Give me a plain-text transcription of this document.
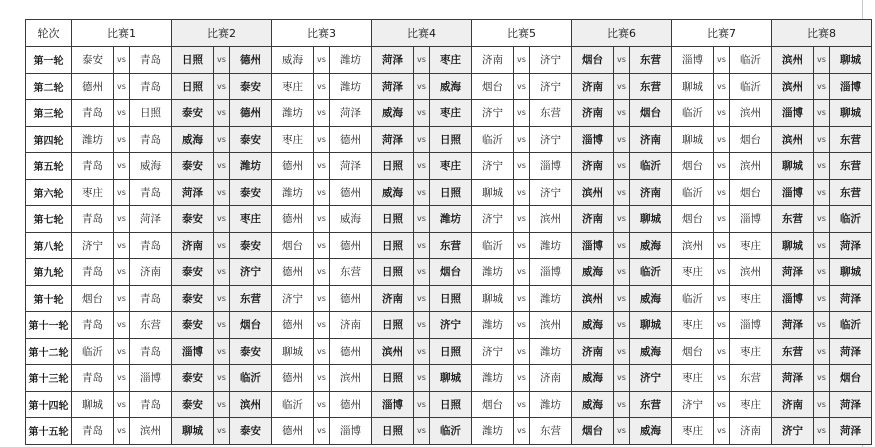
轮次	比赛1			比赛2			比赛3			比赛4			比赛5			比赛6			比赛7			比赛8		
第一轮	泰安	vs	青岛	日照	vs	德州	威海	vs	潍坊	菏泽	vs	枣庄	济南	vs	济宁	烟台	vs	东营	淄博	vs	临沂	滨州	vs	聊城
第二轮	德州	vs	青岛	日照	vs	泰安	枣庄	vs	潍坊	菏泽	vs	威海	烟台	vs	济宁	济南	vs	东营	聊城	vs	临沂	滨州	vs	淄博
第三轮	青岛	vs	日照	泰安	vs	德州	潍坊	vs	菏泽	威海	vs	枣庄	济宁	vs	东营	济南	vs	烟台	临沂	vs	滨州	淄博	vs	聊城
第四轮	潍坊	vs	青岛	威海	vs	泰安	枣庄	vs	德州	菏泽	vs	日照	临沂	vs	济宁	淄博	vs	济南	聊城	vs	烟台	滨州	vs	东营
第五轮	青岛	vs	威海	泰安	vs	潍坊	德州	vs	菏泽	日照	vs	枣庄	济宁	vs	淄博	济南	vs	临沂	烟台	vs	滨州	聊城	vs	东营
第六轮	枣庄	vs	青岛	菏泽	vs	泰安	潍坊	vs	德州	威海	vs	日照	聊城	vs	济宁	滨州	vs	济南	临沂	vs	烟台	淄博	vs	东营
第七轮	青岛	vs	菏泽	泰安	vs	枣庄	德州	vs	威海	日照	vs	潍坊	济宁	vs	滨州	济南	vs	聊城	烟台	vs	淄博	东营	vs	临沂
第八轮	济宁	vs	青岛	济南	vs	泰安	烟台	vs	德州	日照	vs	东营	临沂	vs	潍坊	淄博	vs	威海	滨州	vs	枣庄	聊城	vs	菏泽
第九轮	青岛	vs	济南	泰安	vs	济宁	德州	vs	东营	日照	vs	烟台	潍坊	vs	淄博	威海	vs	临沂	枣庄	vs	滨州	菏泽	vs	聊城
第十轮	烟台	vs	青岛	泰安	vs	东营	济宁	vs	德州	济南	vs	日照	聊城	vs	潍坊	滨州	vs	威海	临沂	vs	枣庄	淄博	vs	菏泽
第十一轮	青岛	vs	东营	泰安	vs	烟台	德州	vs	济南	日照	vs	济宁	潍坊	vs	滨州	威海	vs	聊城	枣庄	vs	淄博	菏泽	vs	临沂
第十二轮	临沂	vs	青岛	淄博	vs	泰安	聊城	vs	德州	滨州	vs	日照	济宁	vs	潍坊	济南	vs	威海	烟台	vs	枣庄	东营	vs	菏泽
第十三轮	青岛	vs	淄博	泰安	vs	临沂	德州	vs	滨州	日照	vs	聊城	潍坊	vs	济南	威海	vs	济宁	枣庄	vs	东营	菏泽	vs	烟台
第十四轮	聊城	vs	青岛	泰安	vs	滨州	临沂	vs	德州	淄博	vs	日照	烟台	vs	潍坊	威海	vs	东营	济宁	vs	枣庄	济南	vs	菏泽
第十五轮	青岛	vs	滨州	聊城	vs	泰安	德州	vs	淄博	日照	vs	临沂	潍坊	vs	东营	烟台	vs	威海	枣庄	vs	济南	济宁	vs	菏泽
